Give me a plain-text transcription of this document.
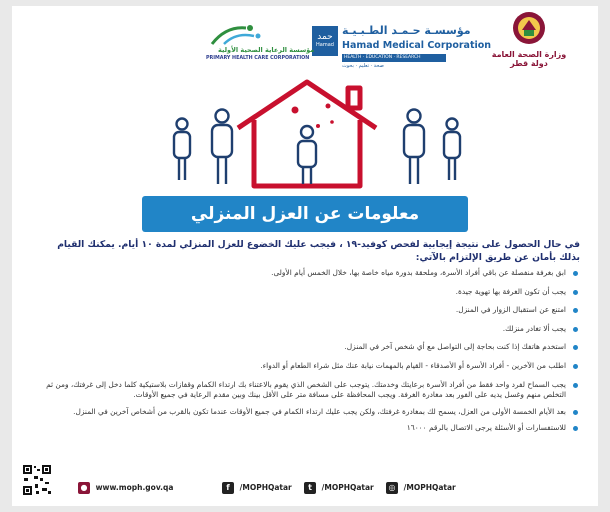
وزارة الصحة العامة
دولة قطر
حمد
Hamad
مؤسسـة حـمـد الطـبـيـة
Hamad Medical Corporation
HEALTH · EDUCATION · RESEARCH
صحة · تعليم · بحوث
مؤسسة الرعاية الصحية الأولية
PRIMARY HEALTH CARE CORPORATION
معلومات عن العزل المنزلي
في حال الحصول على نتيجة إيجابية لفحص كوفيد-١٩ ، فيجب عليك الخضوع للعزل المنزلي لمدة ١٠ أيام. يمكنك القيام بذلك بأمان عن طريق الإلتزام بالآتي:
ابق بغرفة منفصلة عن باقي أفراد الأسرة، وملحقة بدورة مياه خاصة بها، خلال الخمس أيام الأولى.
يجب أن تكون الغرفة بها تهوية جيدة.
امتنع عن استقبال الزوار في المنزل.
يجب ألا تغادر منزلك.
استخدم هاتفك إذا كنت بحاجة إلى التواصل مع أي شخص آخر في المنزل.
اطلب من الآخرين - أفراد الأسرة أو الأصدقاء - القيام بالمهمات نيابة عنك مثل شراء الطعام أو الدواء.
يجب السماح لفرد واحد فقط من أفراد الأسرة برعايتك وخدمتك. يتوجب على الشخص الذي يقوم بالاعتناء بك ارتداء الكمام وقفازات بلاستيكية كلما دخل إلى غرفتك، ومن ثم التخلص منهم وغسل يديه على الفور بعد مغادرة الغرفة. ويجب المحافظة على مسافة متر على الأقل بينك وبين مقدم الرعاية في جميع الأوقات.
بعد الأيام الخمسة الأولى من العزل، يسمح لك بمغادرة غرفتك، ولكن يجب عليك ارتداء الكمام في جميع الأوقات عندما تكون بالقرب من أشخاص آخرين في المنزل.
للاستفسارات أو الأسئلة يرجى الاتصال بالرقم ١٦٠٠٠
● www.moph.gov.qa	f /MOPHQatar	t /MOPHQatar	◎ /MOPHQatar
